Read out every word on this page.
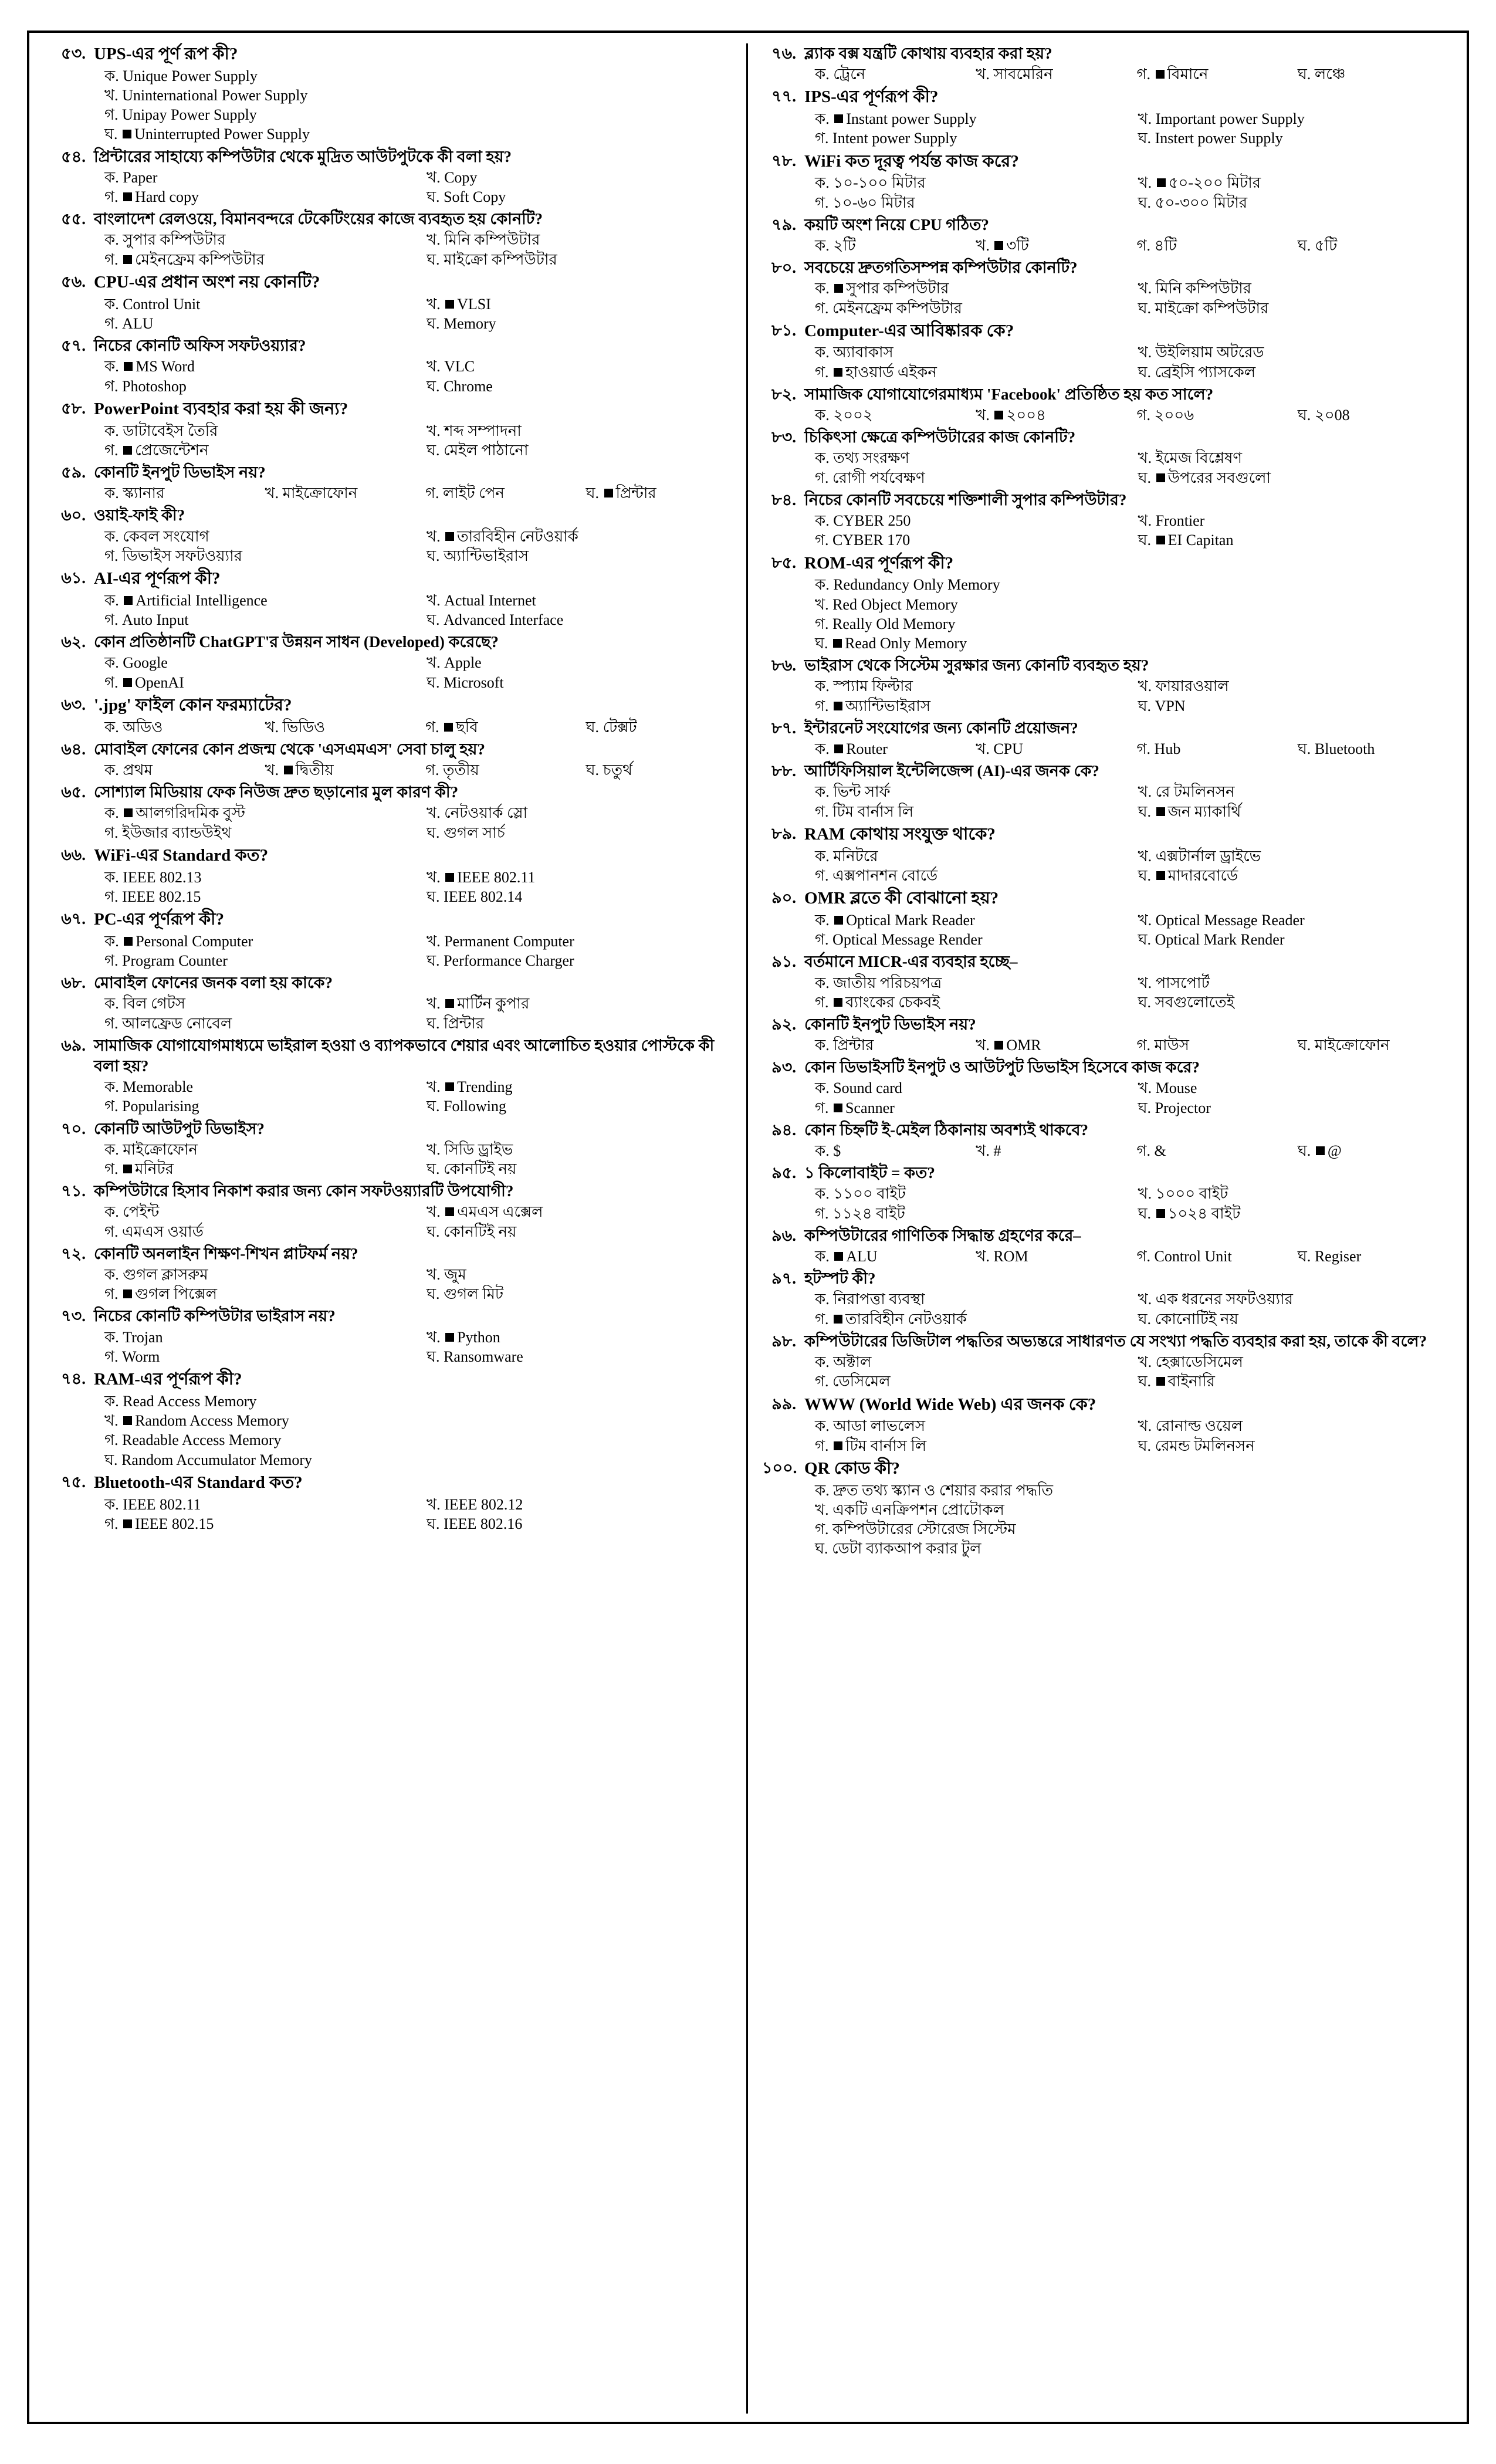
৫৩. UPS-এর পূর্ণ রূপ কী?
ক. Unique Power Supply
খ. Uninternational Power Supply
গ. Unipay Power Supply
ঘ. Uninterrupted Power Supply
৫৪. প্রিন্টারের সাহায্যে কম্পিউটার থেকে মুদ্রিত আউটপুটকে কী বলা হয়?
ক. Paper	খ. Copy
গ. Hard copy	ঘ. Soft Copy
৫৫. বাংলাদেশ রেলওয়ে, বিমানবন্দরে টেকেটিংয়ের কাজে ব্যবহৃত হয় কোনটি?
ক. সুপার কম্পিউটার	খ. মিনি কম্পিউটার
গ. মেইনফ্রেম কম্পিউটার	ঘ. মাইক্রো কম্পিউটার
৫৬. CPU-এর প্রধান অংশ নয় কোনটি?
ক. Control Unit	খ. VLSI
গ. ALU	ঘ. Memory
৫৭. নিচের কোনটি অফিস সফটওয়্যার?
ক. MS Word	খ. VLC
গ. Photoshop	ঘ. Chrome
৫৮. PowerPoint ব্যবহার করা হয় কী জন্য?
ক. ডাটাবেইস তৈরি	খ. শব্দ সম্পাদনা
গ. প্রেজেন্টেশন	ঘ. মেইল পাঠানো
৫৯. কোনটি ইনপুট ডিভাইস নয়?
ক. স্ক্যানার	খ. মাইক্রোফোন	গ. লাইট পেন	ঘ. প্রিন্টার
৬০. ওয়াই-ফাই কী?
ক. কেবল সংযোগ	খ. তারবিহীন নেটওয়ার্ক
গ. ডিভাইস সফটওয়্যার	ঘ. অ্যান্টিভাইরাস
৬১. AI-এর পূর্ণরূপ কী?
ক. Artificial Intelligence	খ. Actual Internet
গ. Auto Input	ঘ. Advanced Interface
৬২. কোন প্রতিষ্ঠানটি ChatGPT'র উন্নয়ন সাধন (Developed) করেছে?
ক. Google	খ. Apple
গ. OpenAI	ঘ. Microsoft
৬৩. '.jpg' ফাইল কোন ফরম্যাটের?
ক. অডিও	খ. ভিডিও	গ. ছবি	ঘ. টেক্সট
৬৪. মোবাইল ফোনের কোন প্রজন্ম থেকে 'এসএমএস' সেবা চালু হয়?
ক. প্রথম	খ. দ্বিতীয়	গ. তৃতীয়	ঘ. চতুর্থ
৬৫. সোশ্যাল মিডিয়ায় ফেক নিউজ দ্রুত ছড়ানোর মুল কারণ কী?
ক. আলগরিদমিক বুস্ট	খ. নেটওয়ার্ক স্লো
গ. ইউজার ব্যান্ডউইথ	ঘ. গুগল সার্চ
৬৬. WiFi-এর Standard কত?
ক. IEEE 802.13	খ. IEEE 802.11
গ. IEEE 802.15	ঘ. IEEE 802.14
৬৭. PC-এর পূর্ণরূপ কী?
ক. Personal Computer	খ. Permanent Computer
গ. Program Counter	ঘ. Performance Charger
৬৮. মোবাইল ফোনের জনক বলা হয় কাকে?
ক. বিল গেটস	খ. মার্টিন কুপার
গ. আলফ্রেড নোবেল	ঘ. প্রিন্টার
৬৯. সামাজিক যোগাযোগমাধ্যমে ভাইরাল হওয়া ও ব্যাপকভাবে শেয়ার এবং আলোচিত হওয়ার পোস্টকে কী বলা হয়?
ক. Memorable	খ. Trending
গ. Popularising	ঘ. Following
৭০. কোনটি আউটপুট ডিভাইস?
ক. মাইক্রোফোন	খ. সিডি ড্রাইভ
গ. মনিটর	ঘ. কোনটিই নয়
৭১. কম্পিউটারে হিসাব নিকাশ করার জন্য কোন সফটওয়্যারটি উপযোগী?
ক. পেইন্ট	খ. এমএস এক্সেল
গ. এমএস ওয়ার্ড	ঘ. কোনটিই নয়
৭২. কোনটি অনলাইন শিক্ষণ-শিখন প্লাটফর্ম নয়?
ক. গুগল ক্লাসরুম	খ. জুম
গ. গুগল পিক্সেল	ঘ. গুগল মিট
৭৩. নিচের কোনটি কম্পিউটার ভাইরাস নয়?
ক. Trojan	খ. Python
গ. Worm	ঘ. Ransomware
৭৪. RAM-এর পূর্ণরূপ কী?
ক. Read Access Memory
খ. Random Access Memory
গ. Readable Access Memory
ঘ. Random Accumulator Memory
৭৫. Bluetooth-এর Standard কত?
ক. IEEE 802.11	খ. IEEE 802.12
গ. IEEE 802.15	ঘ. IEEE 802.16
৭৬. ব্ল্যাক বক্স যন্ত্রটি কোথায় ব্যবহার করা হয়?
ক. ট্রেনে	খ. সাবমেরিন	গ. বিমানে	ঘ. লঞ্চে
৭৭. IPS-এর পূর্ণরূপ কী?
ক. Instant power Supply	খ. Important power Supply
গ. Intent power Supply	ঘ. Instert power Supply
৭৮. WiFi কত দূরত্ব পর্যন্ত কাজ করে?
ক. ১০-১০০ মিটার	খ. ৫০-২০০ মিটার
গ. ১০-৬০ মিটার	ঘ. ৫০-৩০০ মিটার
৭৯. কয়টি অংশ নিয়ে CPU গঠিত?
ক. ২টি	খ. ৩টি	গ. ৪টি	ঘ. ৫টি
৮০. সবচেয়ে দ্রুতগতিসম্পন্ন কম্পিউটার কোনটি?
ক. সুপার কম্পিউটার	খ. মিনি কম্পিউটার
গ. মেইনফ্রেম কম্পিউটার	ঘ. মাইক্রো কম্পিউটার
৮১. Computer-এর আবিষ্কারক কে?
ক. অ্যাবাকাস	খ. উইলিয়াম অটরেড
গ. হাওয়ার্ড এইকন	ঘ. ব্রেইসি প্যাসকেল
৮২. সামাজিক যোগাযোগেরমাধ্যম 'Facebook' প্রতিষ্ঠিত হয় কত সালে?
ক. ২০০২	খ. ২০০৪	গ. ২০০৬	ঘ. ২০08
৮৩. চিকিৎসা ক্ষেত্রে কম্পিউটারের কাজ কোনটি?
ক. তথ্য সংরক্ষণ	খ. ইমেজ বিশ্লেষণ
গ. রোগী পর্যবেক্ষণ	ঘ. উপরের সবগুলো
৮৪. নিচের কোনটি সবচেয়ে শক্তিশালী সুপার কম্পিউটার?
ক. CYBER 250	খ. Frontier
গ. CYBER 170	ঘ. EI Capitan
৮৫. ROM-এর পূর্ণরূপ কী?
ক. Redundancy Only Memory
খ. Red Object Memory
গ. Really Old Memory
ঘ. Read Only Memory
৮৬. ভাইরাস থেকে সিস্টেম সুরক্ষার জন্য কোনটি ব্যবহৃত হয়?
ক. স্প্যাম ফিল্টার	খ. ফায়ারওয়াল
গ. অ্যান্টিভাইরাস	ঘ. VPN
৮৭. ইন্টারনেট সংযোগের জন্য কোনটি প্রয়োজন?
ক. Router	খ. CPU	গ. Hub	ঘ. Bluetooth
৮৮. আর্টিফিসিয়াল ইন্টেলিজেন্স (AI)-এর জনক কে?
ক. ভিন্ট সার্ফ	খ. রে টমলিনসন
গ. টিম বার্নাস লি	ঘ. জন ম্যাকার্থি
৮৯. RAM কোথায় সংযুক্ত থাকে?
ক. মনিটরে	খ. এক্সটার্নাল ড্রাইভে
গ. এক্সপানশন বোর্ডে	ঘ. মাদারবোর্ডে
৯০. OMR ব্লতে কী বোঝানো হয়?
ক. Optical Mark Reader	খ. Optical Message Reader
গ. Optical Message Render	ঘ. Optical Mark Render
৯১. বর্তমানে MICR-এর ব্যবহার হচ্ছে–
ক. জাতীয় পরিচয়পত্র	খ. পাসপোর্ট
গ. ব্যাংকের চেকবই	ঘ. সবগুলোতেই
৯২. কোনটি ইনপুট ডিভাইস নয়?
ক. প্রিন্টার	খ. OMR	গ. মাউস	ঘ. মাইক্রোফোন
৯৩. কোন ডিভাইসটি ইনপুট ও আউটপুট ডিভাইস হিসেবে কাজ করে?
ক. Sound card	খ. Mouse
গ. Scanner	ঘ. Projector
৯৪. কোন চিহ্নটি ই-মেইল ঠিকানায় অবশ্যই থাকবে?
ক. $	খ. #	গ. &	ঘ. @
৯৫. ১ কিলোবাইট = কত?
ক. ১১০০ বাইট	খ. ১০০০ বাইট
গ. ১১২৪ বাইট	ঘ. ১০২৪ বাইট
৯৬. কম্পিউটারের গাণিতিক সিদ্ধান্ত গ্রহণের করে–
ক. ALU	খ. ROM	গ. Control Unit	ঘ. Regiser
৯৭. হটস্পট কী?
ক. নিরাপত্তা ব্যবস্থা	খ. এক ধরনের সফটওয়্যার
গ. তারবিহীন নেটওয়ার্ক	ঘ. কোনোটিই নয়
৯৮. কম্পিউটারের ডিজিটাল পদ্ধতির অভ্যন্তরে সাধারণত যে সংখ্যা পদ্ধতি ব্যবহার করা হয়, তাকে কী বলে?
ক. অক্টাল	খ. হেক্সাডেসিমেল
গ. ডেসিমেল	ঘ. বাইনারি
৯৯. WWW (World Wide Web) এর জনক কে?
ক. আডা লাভলেস	খ. রোনাল্ড ওয়েল
গ. টিম বার্নাস লি	ঘ. রেমন্ড টমলিনসন
১০০. QR কোড কী?
ক. দ্রুত তথ্য স্ক্যান ও শেয়ার করার পদ্ধতি
খ. একটি এনক্রিপশন প্রোটোকল
গ. কম্পিউটারের স্টোরেজ সিস্টেম
ঘ. ডেটা ব্যাকআপ করার টুল
